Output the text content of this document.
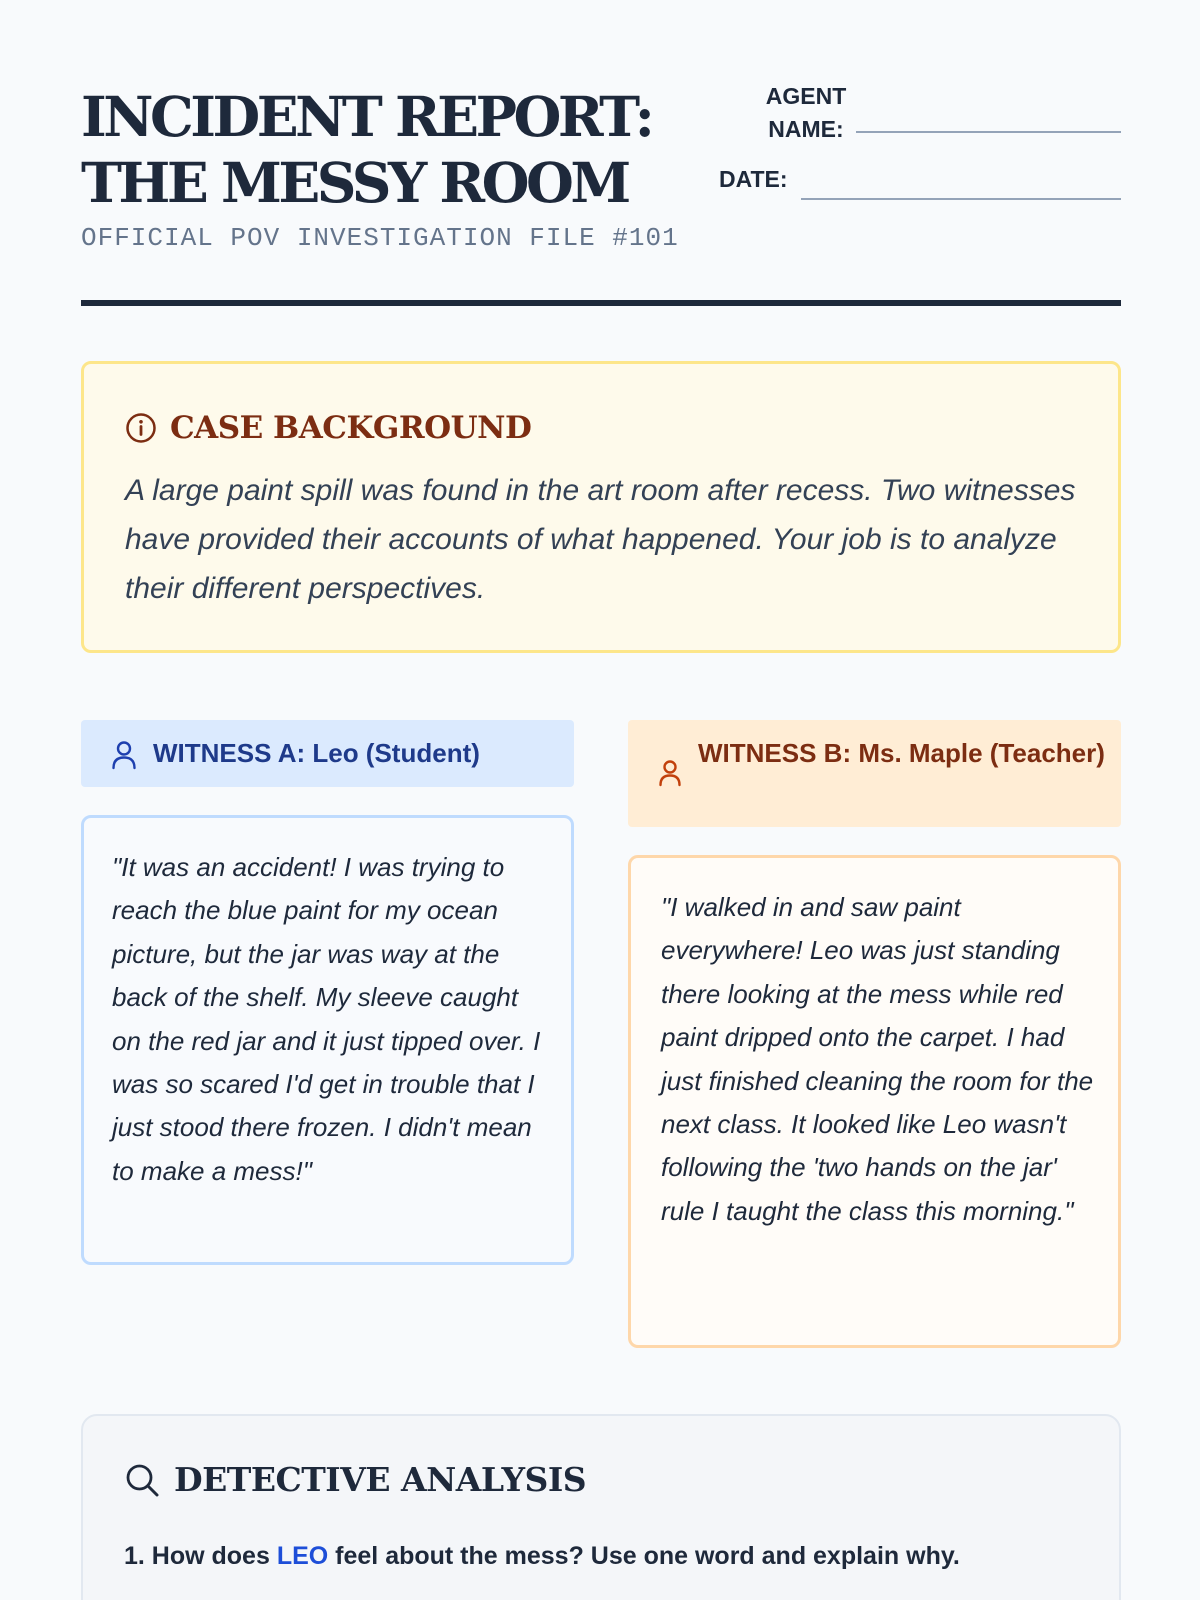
INCIDENT REPORT:
THE MESSY ROOM
OFFICIAL POV INVESTIGATION FILE #101
AGENT
NAME:
DATE:
CASE BACKGROUND

A large paint spill was found in the art room after recess. Two witnesses have provided their accounts of what happened. Your job is to analyze their different perspectives.

WITNESS A: Leo (Student)
"It was an accident! I was trying to reach the blue paint for my ocean picture, but the jar was way at the back of the shelf. My sleeve caught on the red jar and it just tipped over. I was so scared I'd get in trouble that I just stood there frozen. I didn't mean to make a mess!"
WITNESS B: Ms. Maple (Teacher)
"I walked in and saw paint everywhere! Leo was just standing there looking at the mess while red paint dripped onto the carpet. I had just finished cleaning the room for the next class. It looked like Leo wasn't following the 'two hands on the jar' rule I taught the class this morning."
DETECTIVE ANALYSIS

1. How does LEO feel about the mess? Use one word and explain why.
